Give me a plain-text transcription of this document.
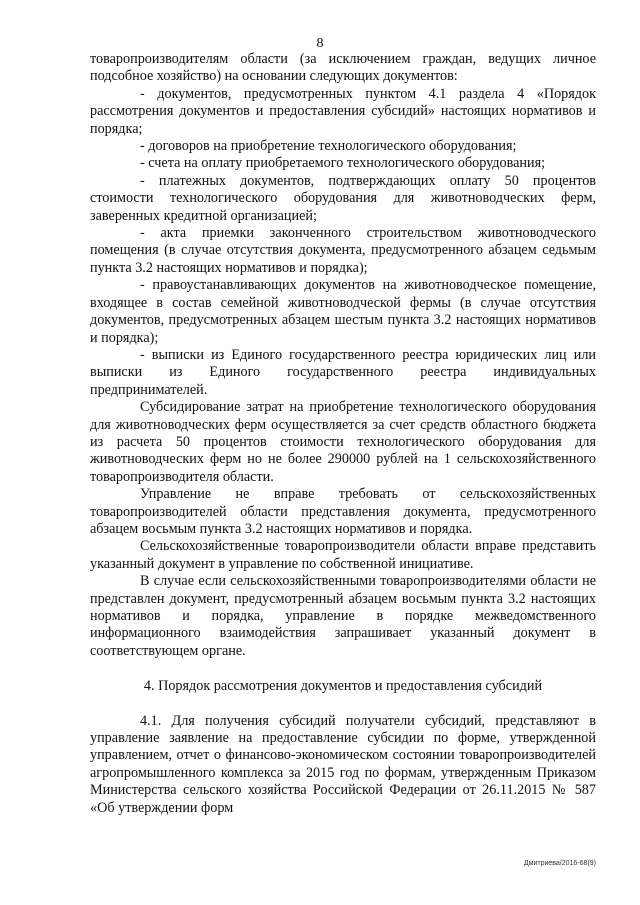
8

товаропроизводителям области (за исключением граждан, ведущих личное подсобное хозяйство) на основании следующих документов:

- документов, предусмотренных пунктом 4.1 раздела 4 «Порядок рассмотрения документов и предоставления субсидий» настоящих нормативов и порядка;

- договоров на приобретение технологического оборудования;

- счета на оплату приобретаемого технологического оборудования;

- платежных документов, подтверждающих оплату 50 процентов стоимости технологического оборудования для животноводческих ферм, заверенных кредитной организацией;

- акта приемки законченного строительством животноводческого помещения (в случае отсутствия документа, предусмотренного абзацем седьмым пункта 3.2 настоящих нормативов и порядка);

- правоустанавливающих документов на животноводческое помещение, входящее в состав семейной животноводческой фермы (в случае отсутствия документов, предусмотренных абзацем шестым пункта 3.2 настоящих нормативов и порядка);

- выписки из Единого государственного реестра юридических лиц или выписки из Единого государственного реестра индивидуальных предпринимателей.

Субсидирование затрат на приобретение технологического оборудования для животноводческих ферм осуществляется за счет средств областного бюджета из расчета 50 процентов стоимости технологического оборудования для животноводческих ферм но не более 290000 рублей на 1 сельскохозяйственного товаропроизводителя области.

Управление не вправе требовать от сельскохозяйственных товаропроизводителей области представления документа, предусмотренного абзацем восьмым пункта 3.2 настоящих нормативов и порядка.

Сельскохозяйственные товаропроизводители области вправе представить указанный документ в управление по собственной инициативе.

В случае если сельскохозяйственными товаропроизводителями области не представлен документ, предусмотренный абзацем восьмым пункта 3.2 настоящих нормативов и порядка, управление в порядке межведомственного информационного взаимодействия запрашивает указанный документ в соответствующем органе.

4. Порядок рассмотрения документов и предоставления субсидий

4.1. Для получения субсидий получатели субсидий, представляют в управление заявление на предоставление субсидии по форме, утвержденной управлением, отчет о финансово-экономическом состоянии товаропроизводителей агропромышленного комплекса за 2015 год по формам, утвержденным Приказом Министерства сельского хозяйства Российской Федерации от 26.11.2015 № 587 «Об утверждении форм

Дмитриева/2016-68(9)
